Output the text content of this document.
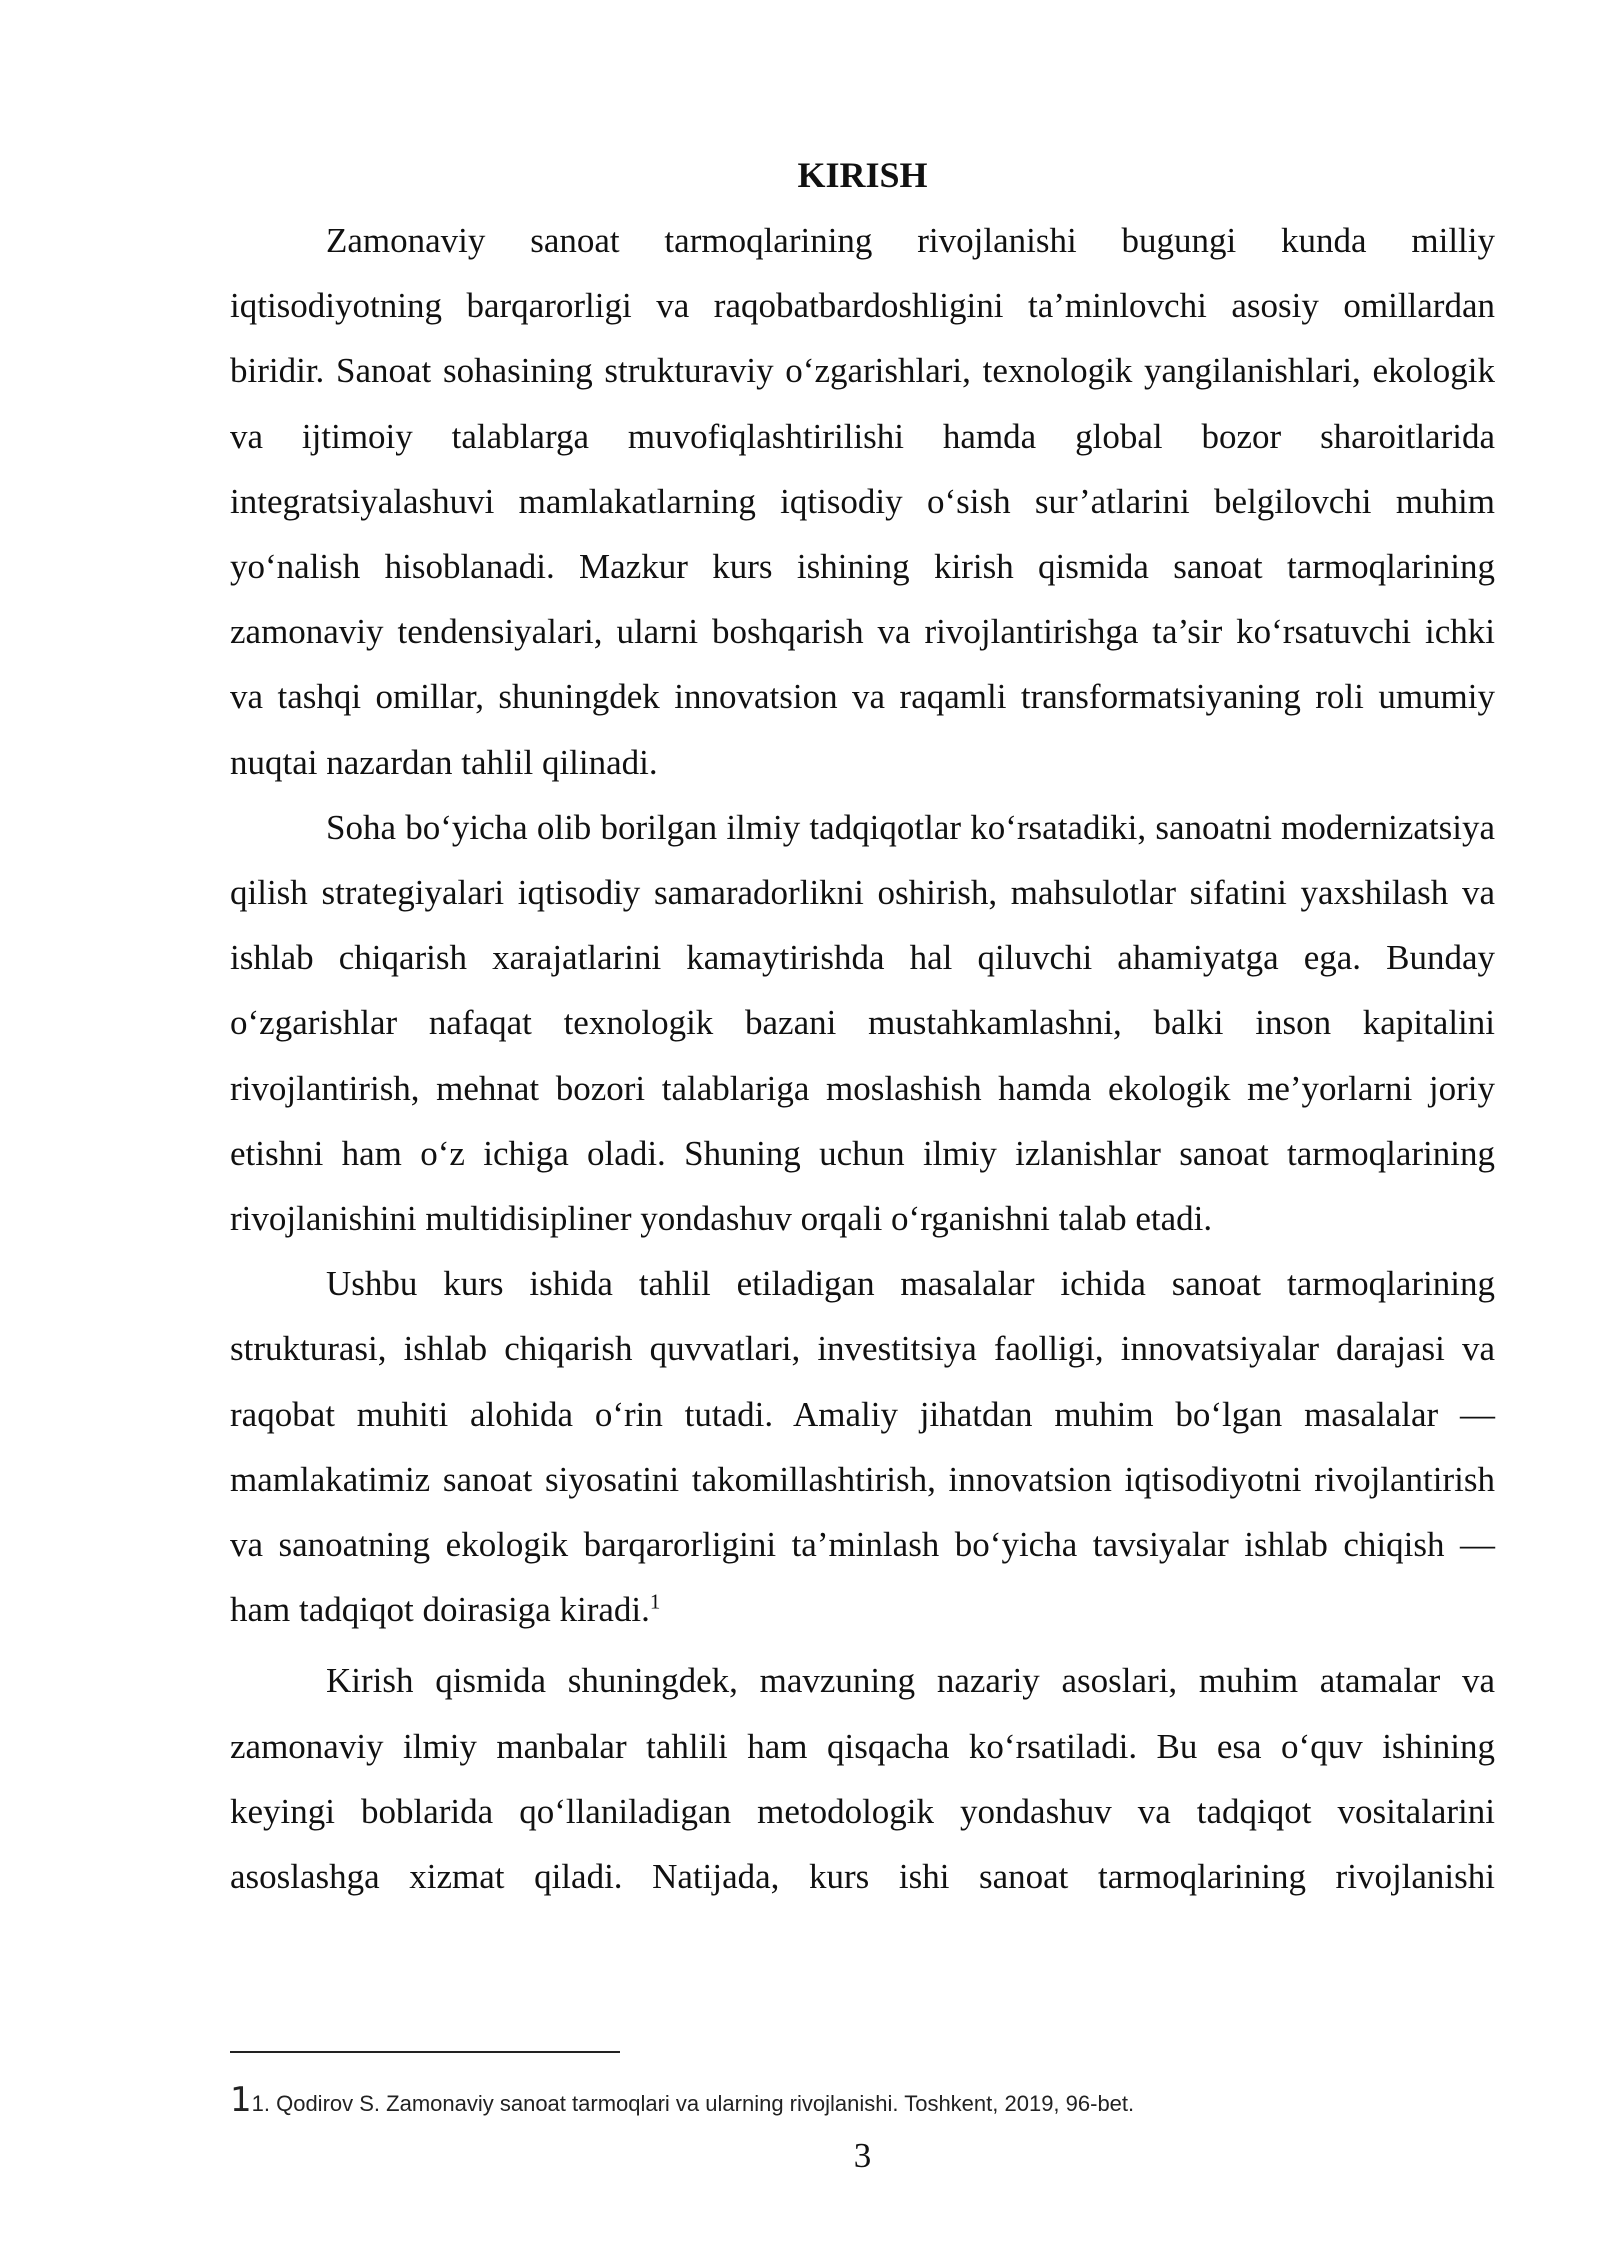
KIRISH

Zamonaviy sanoat tarmoqlarining rivojlanishi bugungi kunda milliy iqtisodiyotning barqarorligi va raqobatbardoshligini ta’minlovchi asosiy omillardan biridir. Sanoat sohasining strukturaviy o‘zgarishlari, texnologik yangilanishlari, ekologik va ijtimoiy talablarga muvofiqlashtirilishi hamda global bozor sharoitlarida integratsiyalashuvi mamlakatlarning iqtisodiy o‘sish sur’atlarini belgilovchi muhim yo‘nalish hisoblanadi. Mazkur kurs ishining kirish qismida sanoat tarmoqlarining zamonaviy tendensiyalari, ularni boshqarish va rivojlantirishga ta’sir ko‘rsatuvchi ichki va tashqi omillar, shuningdek innovatsion va raqamli transformatsiyaning roli umumiy nuqtai nazardan tahlil qilinadi.

Soha bo‘yicha olib borilgan ilmiy tadqiqotlar ko‘rsatadiki, sanoatni modernizatsiya qilish strategiyalari iqtisodiy samaradorlikni oshirish, mahsulotlar sifatini yaxshilash va ishlab chiqarish xarajatlarini kamaytirishda hal qiluvchi ahamiyatga ega. Bunday o‘zgarishlar nafaqat texnologik bazani mustahkamlashni, balki inson kapitalini rivojlantirish, mehnat bozori talablariga moslashish hamda ekologik me’yorlarni joriy etishni ham o‘z ichiga oladi. Shuning uchun ilmiy izlanishlar sanoat tarmoqlarining rivojlanishini multidisipliner yondashuv orqali o‘rganishni talab etadi.

Ushbu kurs ishida tahlil etiladigan masalalar ichida sanoat tarmoqlarining strukturasi, ishlab chiqarish quvvatlari, investitsiya faolligi, innovatsiyalar darajasi va raqobat muhiti alohida o‘rin tutadi. Amaliy jihatdan muhim bo‘lgan masalalar — mamlakatimiz sanoat siyosatini takomillashtirish, innovatsion iqtisodiyotni rivojlantirish va sanoatning ekologik barqarorligini ta’minlash bo‘yicha tavsiyalar ishlab chiqish — ham tadqiqot doirasiga kiradi.$^1$

Kirish qismida shuningdek, mavzuning nazariy asoslari, muhim atamalar va zamonaviy ilmiy manbalar tahlili ham qisqacha ko‘rsatiladi. Bu esa o‘quv ishining keyingi boblarida qo‘llaniladigan metodologik yondashuv va tadqiqot vositalarini asoslashga xizmat qiladi. Natijada, kurs ishi sanoat tarmoqlarining rivojlanishi

11. Qodirov S. Zamonaviy sanoat tarmoqlari va ularning rivojlanishi. Toshkent, 2019, 96-bet.
3
